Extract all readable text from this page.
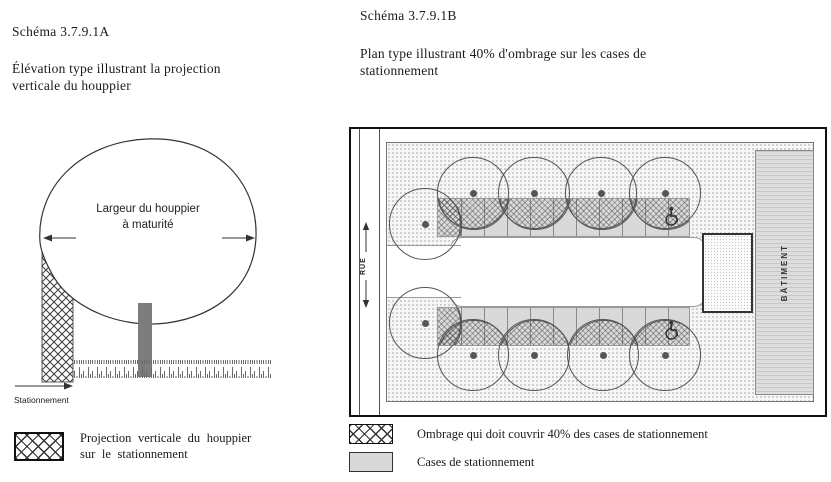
Schéma 3.7.9.1A
Élévation type illustrant la projection
verticale du houppier
Largeur du houppier
à maturité
Stationnement
Projection verticale du houppier
sur le stationnement
Schéma 3.7.9.1B
Plan type illustrant 40% d'ombrage sur les cases de
stationnement
RUE	BÂTIMENT
Ombrage qui doit couvrir 40% des cases de stationnement
Cases de stationnement
